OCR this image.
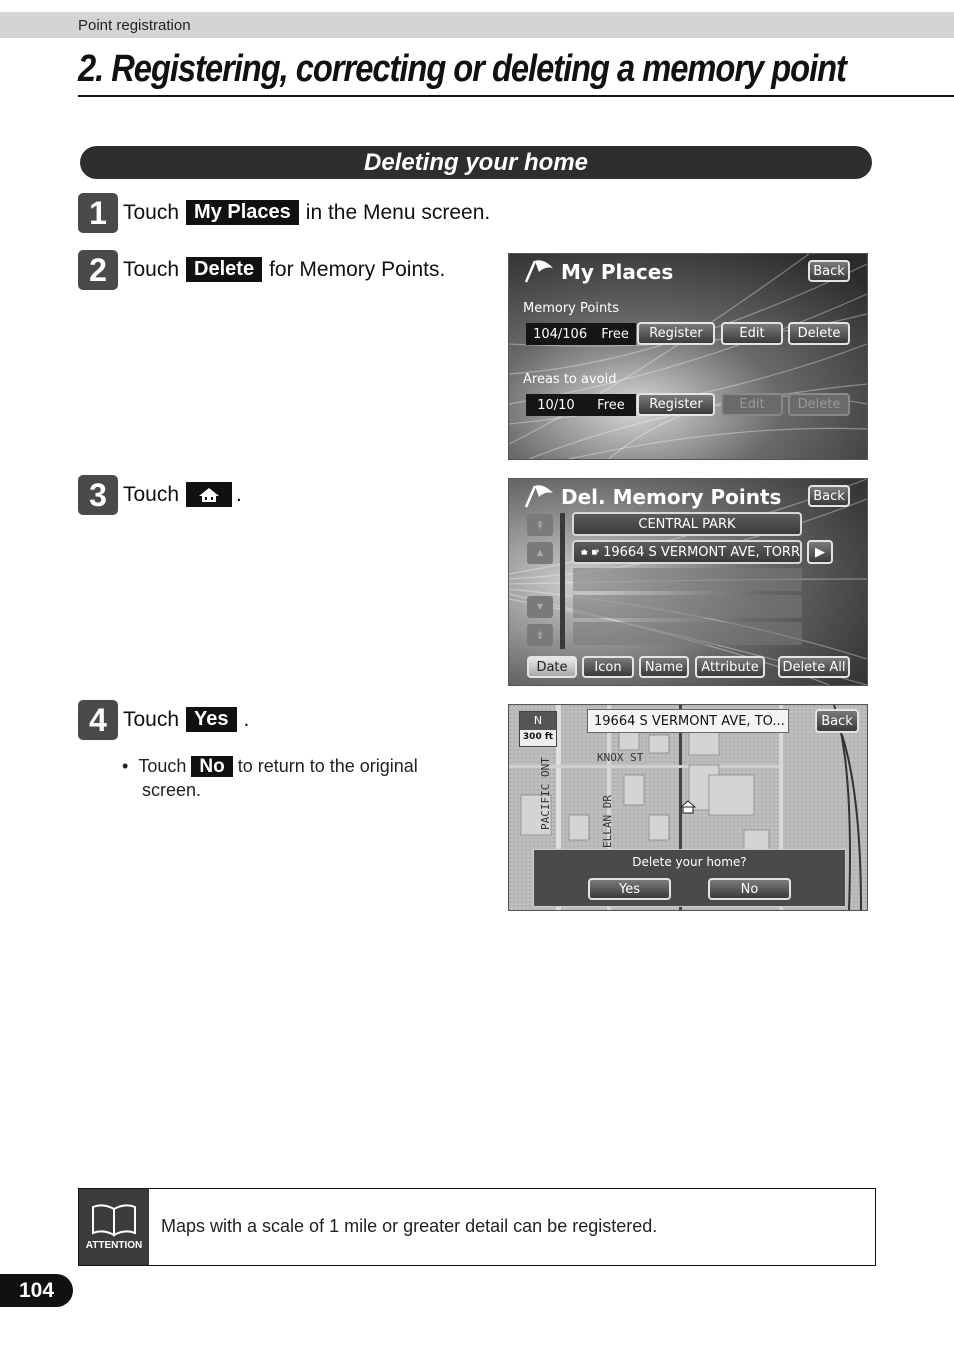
Point registration
2. Registering, correcting or deleting a memory point
Deleting your home
1 Touch My Places in the Menu screen.
2 Touch Delete for Memory Points.
3 Touch	.
4 Touch Yes .
•  Touch No to return to the original
screen.
My Places	Back
Memory Points
104/106 Free	Register	Edit	Delete
Areas to avoid
10/10 Free	Register	Edit	Delete
Del. Memory Points	Back
⇞
▲
▼
⇟
CENTRAL PARK
19664 S VERMONT AVE, TORR	▶
Date	Icon	Name	Attribute	Delete All
N
300 ft
19664 S VERMONT AVE, TO...	Back
KNOX ST
PACIFIC ONT	ELLAN DR
Delete your home?
Yes	No
ATTENTION
Maps with a scale of 1 mile or greater detail can be registered.
104
